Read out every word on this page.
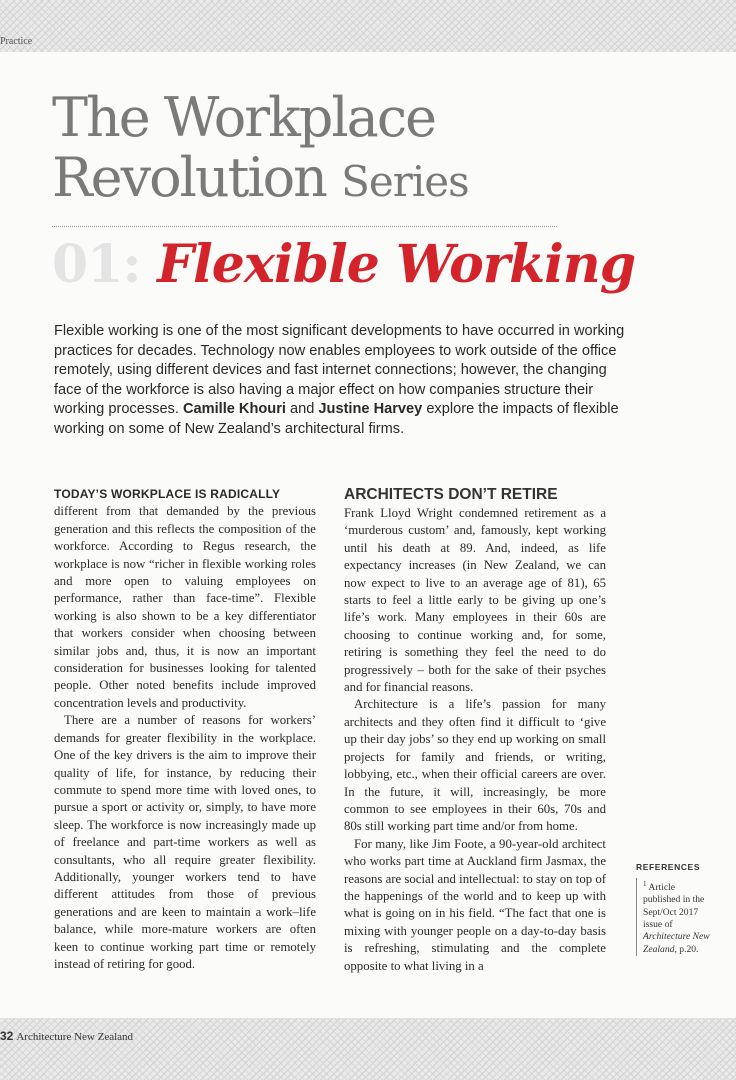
Practice
The Workplace
Revolution Series
01: Flexible Working
Flexible working is one of the most significant developments to have occurred in working practices for decades. Technology now enables employees to work outside of the office remotely, using different devices and fast internet connections; however, the changing face of the workforce is also having a major effect on how companies structure their working processes. Camille Khouri and Justine Harvey explore the impacts of flexible working on some of New Zealand’s architectural firms.

TODAY’S WORKPLACE IS RADICALLY
different from that demanded by the previous generation and this reflects the composition of the workforce. According to Regus research, the workplace is now “richer in flexible working roles and more open to valuing employees on performance, rather than face-time”. Flexible working is also shown to be a key differentiator that workers consider when choosing between similar jobs and, thus, it is now an important consideration for businesses looking for talented people. Other noted benefits include improved concentration levels and productivity.

There are a number of reasons for workers’ demands for greater flexibility in the workplace. One of the key drivers is the aim to improve their quality of life, for instance, by reducing their commute to spend more time with loved ones, to pursue a sport or activity or, simply, to have more sleep. The workforce is now increasingly made up of freelance and part-time workers as well as consultants, who all require greater flexibility. Additionally, younger workers tend to have different attitudes from those of previous generations and are keen to maintain a work–life balance, while more-mature workers are often keen to continue working part time or remotely instead of retiring for good.

ARCHITECTS DON’T RETIRE

Frank Lloyd Wright condemned retirement as a ‘murderous custom’ and, famously, kept working until his death at 89. And, indeed, as life expectancy increases (in New Zealand, we can now expect to live to an average age of 81), 65 starts to feel a little early to be giving up one’s life’s work. Many employees in their 60s are choosing to continue working and, for some, retiring is something they feel the need to do progressively – both for the sake of their psyches and for financial reasons.

Architecture is a life’s passion for many architects and they often find it difficult to ‘give up their day jobs’ so they end up working on small projects for family and friends, or writing, lobbying, etc., when their official careers are over. In the future, it will, increasingly, be more common to see employees in their 60s, 70s and 80s still working part time and/or from home.

For many, like Jim Foote, a 90-year-old architect who works part time at Auckland firm Jasmax, the reasons are social and intellectual: to stay on top of the happenings of the world and to keep up with what is going on in his field. “The fact that one is mixing with younger people on a day-to-day basis is refreshing, stimulating and the complete opposite to what living in a

REFERENCES
$^1$ Article published in the Sept/Oct 2017 issue of Architecture New Zealand, p.20.
32 Architecture New Zealand
